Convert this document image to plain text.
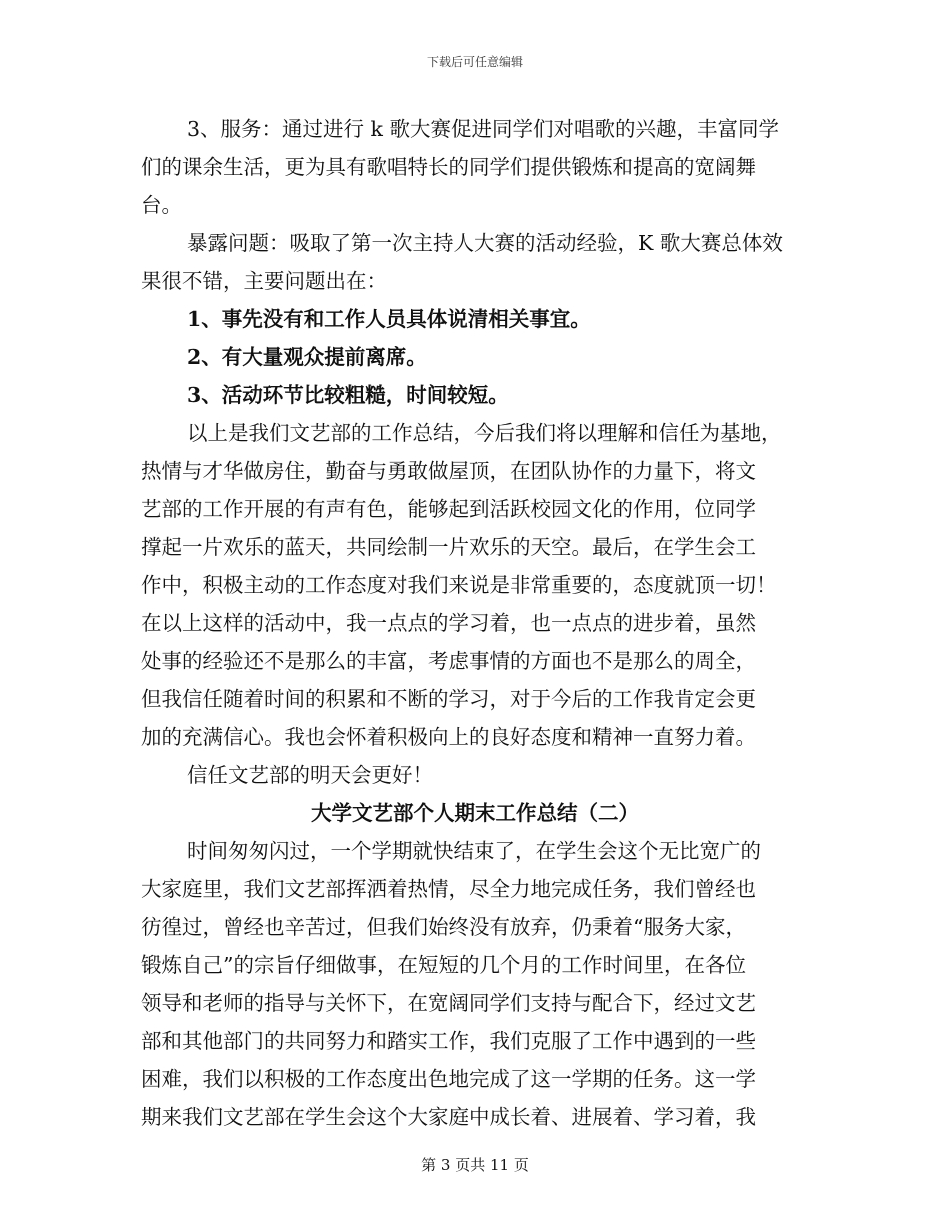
下载后可任意编辑
3、服务：通过进行 k 歌大赛促进同学们对唱歌的兴趣，丰富同学
们的课余生活，更为具有歌唱特长的同学们提供锻炼和提高的宽阔舞
台。
暴露问题：吸取了第一次主持人大赛的活动经验，K 歌大赛总体效
果很不错，主要问题出在：
1、事先没有和工作人员具体说清相关事宜。
2、有大量观众提前离席。
3、活动环节比较粗糙，时间较短。
以上是我们文艺部的工作总结，今后我们将以理解和信任为基地，
热情与才华做房住，勤奋与勇敢做屋顶，在团队协作的力量下，将文
艺部的工作开展的有声有色，能够起到活跃校园文化的作用，位同学
撑起一片欢乐的蓝天，共同绘制一片欢乐的天空。最后，在学生会工
作中，积极主动的工作态度对我们来说是非常重要的，态度就顶一切！
在以上这样的活动中，我一点点的学习着，也一点点的进步着，虽然
处事的经验还不是那么的丰富，考虑事情的方面也不是那么的周全，
但我信任随着时间的积累和不断的学习，对于今后的工作我肯定会更
加的充满信心。我也会怀着积极向上的良好态度和精神一直努力着。
信任文艺部的明天会更好！
大学文艺部个人期末工作总结（二）
时间匆匆闪过，一个学期就快结束了，在学生会这个无比宽广的
大家庭里，我们文艺部挥洒着热情，尽全力地完成任务，我们曾经也
彷徨过，曾经也辛苦过，但我们始终没有放弃，仍秉着“服务大家，
锻炼自己”的宗旨仔细做事，在短短的几个月的工作时间里，在各位
领导和老师的指导与关怀下，在宽阔同学们支持与配合下，经过文艺
部和其他部门的共同努力和踏实工作，我们克服了工作中遇到的一些
困难，我们以积极的工作态度出色地完成了这一学期的任务。这一学
期来我们文艺部在学生会这个大家庭中成长着、进展着、学习着，我
第 3 页共 11 页
